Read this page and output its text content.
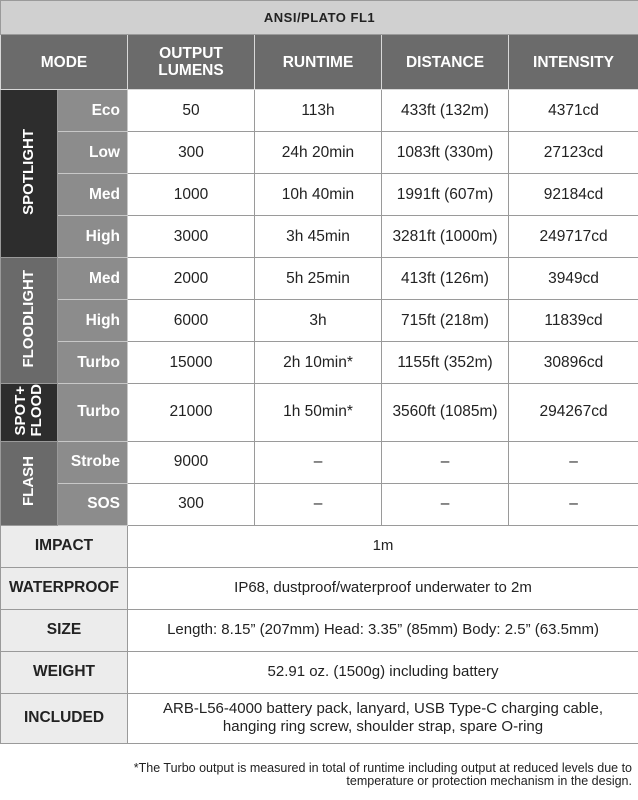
ANSI/PLATO FL1					
MODE		OUTPUT LUMENS	RUNTIME	DISTANCE	INTENSITY
SPOTLIGHT	Eco	50	113h	433ft (132m)	4371cd
	Low	300	24h 20min	1083ft (330m)	27123cd
	Med	1000	10h 40min	1991ft (607m)	92184cd
	High	3000	3h 45min	3281ft (1000m)	249717cd
FLOODLIGHT	Med	2000	5h 25min	413ft (126m)	3949cd
	High	6000	3h	715ft (218m)	11839cd
	Turbo	15000	2h 10min*	1155ft (352m)	30896cd
SPOT+
FLOOD	Turbo	21000	1h 50min*	3560ft (1085m)	294267cd
FLASH	Strobe	9000	–	–	–
	SOS	300	–	–	–
IMPACT		1m			
WATERPROOF		IP68, dustproof/waterproof underwater to 2m			
SIZE		Length: 8.15” (207mm) Head: 3.35” (85mm) Body: 2.5” (63.5mm)			
WEIGHT		52.91 oz. (1500g) including battery			
INCLUDED		ARB-L56-4000 battery pack, lanyard, USB Type-C charging cable,
hanging ring screw, shoulder strap, spare O-ring			
*The Turbo output is measured in total of runtime including output at reduced levels due to
temperature or protection mechanism in the design.
